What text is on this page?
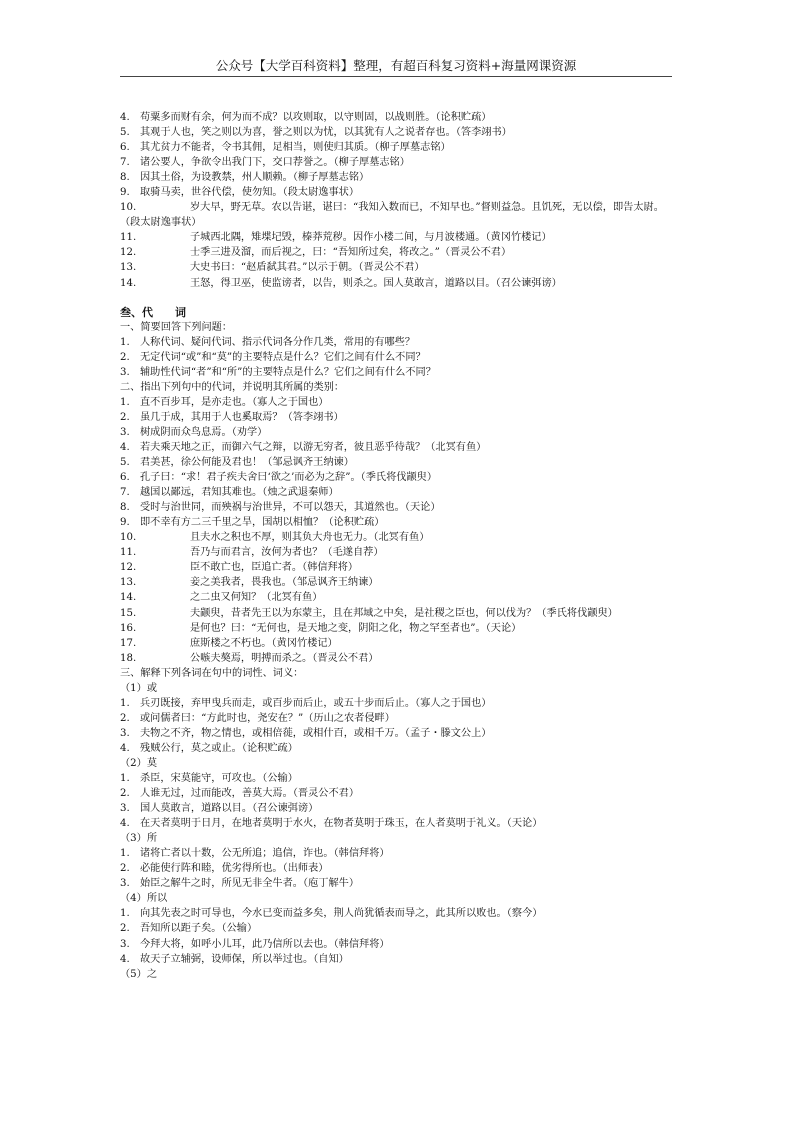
公众号【大学百科资料】整理，有超百科复习资料+海量网课资源
4. 苟粟多而财有余，何为而不成？以攻则取，以守则固，以战则胜。（论积贮疏）
5. 其观于人也，笑之则以为喜，誉之则以为忧，以其犹有人之说者存也。（答李翊书）
6. 其尤贫力不能者，令书其佣，足相当，则使归其质。（柳子厚墓志铭）
7. 诸公要人，争欲令出我门下，交口荐誉之。（柳子厚墓志铭）
8. 因其土俗，为设教禁，州人顺赖。（柳子厚墓志铭）
9. 取骑马卖，世谷代偿，使勿知。（段太尉逸事状）
10.	岁大早，野无草。农以告谌，谌曰：“我知入数而已，不知早也。”督则益急。且饥死，无以偿，即告太尉。（段太尉逸事状）
11.	子城西北隅，雉堞圮毁，榛莽荒秽。因作小楼二间，与月波楼通。（黄冈竹楼记）
12.	士季三进及溜，而后视之，曰：“吾知所过矣，将改之。”（晋灵公不君）
13.	大史书曰：“赵盾弑其君。”以示于朝。（晋灵公不君）
14.	王怒，得卫巫，使监谤者，以告，则杀之。国人莫敢言，道路以目。（召公谏弭谤）
叁、代　　词
一、简要回答下列问题：
1. 人称代词、疑问代词、指示代词各分作几类，常用的有哪些？
2. 无定代词“或”和“莫”的主要特点是什么？它们之间有什么不同？
3. 辅助性代词“者”和“所”的主要特点是什么？它们之间有什么不同？
二、指出下列句中的代词，并说明其所属的类别：
1. 直不百步耳，是亦走也。（寡人之于国也）
2. 虽几于成，其用于人也奚取焉？（答李翊书）
3. 树成阴而众鸟息焉。（劝学）
4. 若夫乘天地之正，而御六气之辩，以游无穷者，彼且恶乎待哉？（北冥有鱼）
5. 君美甚，徐公何能及君也！（邹忌讽齐王纳谏）
6. 孔子曰：“求！君子疾夫舍曰‘欲之’而必为之辞”。（季氏将伐颛臾）
7. 越国以鄙远，君知其难也。（烛之武退秦师）
8. 受时与治世同，而殃祸与治世异，不可以怨天，其道然也。（天论）
9. 即不幸有方二三千里之旱，国胡以相恤？（论积贮疏）
10.	且夫水之积也不厚，则其负大舟也无力。（北冥有鱼）
11.	吾乃与而君言，汝何为者也？（毛遂自荐）
12.	臣不敢亡也，臣追亡者。（韩信拜将）
13.	妾之美我者，畏我也。（邹忌讽齐王纳谏）
14.	之二虫又何知？（北冥有鱼）
15.	夫颛臾，昔者先王以为东蒙主，且在邦域之中矣，是社稷之臣也，何以伐为？（季氏将伐颛臾）
16.	是何也？曰：“无何也，是天地之变，阴阳之化，物之罕至者也”。（天论）
17.	庶斯楼之不朽也。（黄冈竹楼记）
18.	公嗾夫獒焉，明搏而杀之。（晋灵公不君）
三、解释下列各词在句中的词性、词义：
（1）或
1. 兵刃既接，弃甲曳兵而走，或百步而后止，或五十步而后止。（寡人之于国也）
2. 或问儒者曰：“方此时也，尧安在？”（历山之农者侵畔）
3. 夫物之不齐，物之情也，或相倍蓰，或相什百，或相千万。（孟子・滕文公上）
4. 残贼公行，莫之或止。（论积贮疏）
（2）莫
1. 杀臣，宋莫能守，可攻也。（公输）
2. 人谁无过，过而能改，善莫大焉。（晋灵公不君）
3. 国人莫敢言，道路以目。（召公谏弭谤）
4. 在天者莫明于日月，在地者莫明于水火，在物者莫明于珠玉，在人者莫明于礼义。（天论）
（3）所
1. 诸将亡者以十数，公无所追；追信，诈也。（韩信拜将）
2. 必能使行阵和睦，优劣得所也。（出师表）
3. 始臣之解牛之时，所见无非全牛者。（庖丁解牛）
（4）所以
1. 向其先表之时可导也，今水已变而益多矣，荆人尚犹循表而导之，此其所以败也。（察今）
2. 吾知所以距子矣。（公输）
3. 今拜大将，如呼小儿耳，此乃信所以去也。（韩信拜将）
4. 故天子立辅弼，设师保，所以举过也。（自知）
（5）之
